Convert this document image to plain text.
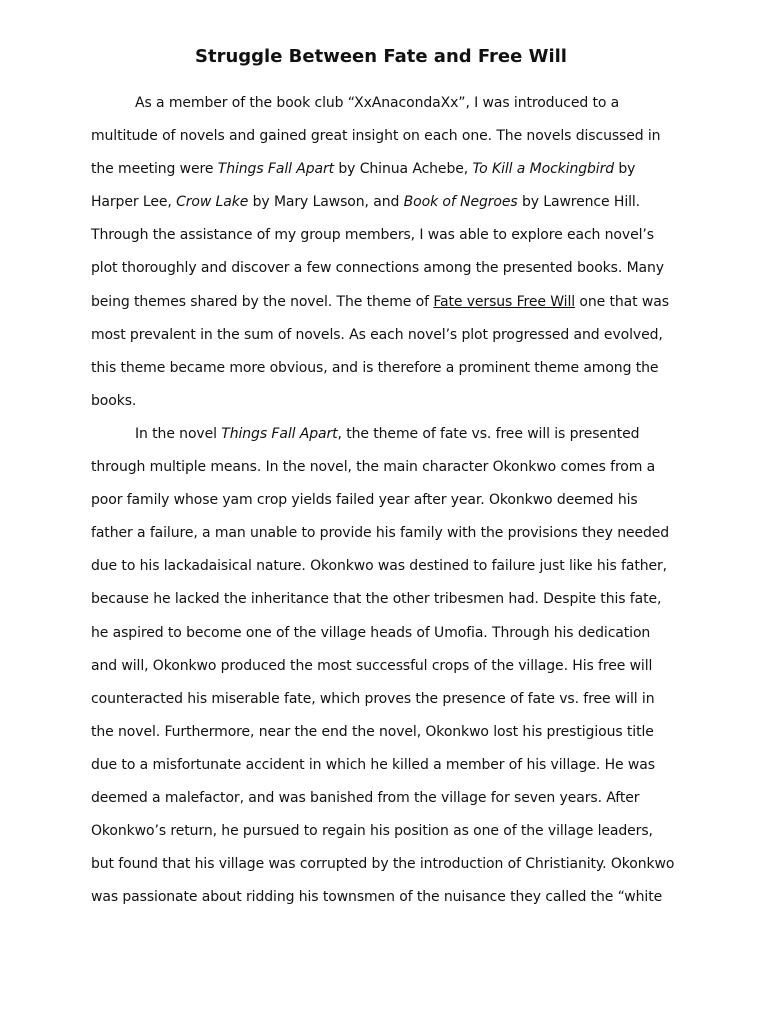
Struggle Between Fate and Free Will
As a member of the book club “XxAnacondaXx”, I was introduced to a
multitude of novels and gained great insight on each one. The novels discussed in
the meeting were Things Fall Apart by Chinua Achebe, To Kill a Mockingbird by
Harper Lee, Crow Lake by Mary Lawson, and Book of Negroes by Lawrence Hill.
Through the assistance of my group members, I was able to explore each novel’s
plot thoroughly and discover a few connections among the presented books. Many
being themes shared by the novel. The theme of Fate versus Free Will one that was
most prevalent in the sum of novels. As each novel’s plot progressed and evolved,
this theme became more obvious, and is therefore a prominent theme among the
books.
In the novel Things Fall Apart, the theme of fate vs. free will is presented
through multiple means. In the novel, the main character Okonkwo comes from a
poor family whose yam crop yields failed year after year. Okonkwo deemed his
father a failure, a man unable to provide his family with the provisions they needed
due to his lackadaisical nature. Okonkwo was destined to failure just like his father,
because he lacked the inheritance that the other tribesmen had. Despite this fate,
he aspired to become one of the village heads of Umofia. Through his dedication
and will, Okonkwo produced the most successful crops of the village. His free will
counteracted his miserable fate, which proves the presence of fate vs. free will in
the novel. Furthermore, near the end the novel, Okonkwo lost his prestigious title
due to a misfortunate accident in which he killed a member of his village. He was
deemed a malefactor, and was banished from the village for seven years. After
Okonkwo’s return, he pursued to regain his position as one of the village leaders,
but found that his village was corrupted by the introduction of Christianity. Okonkwo
was passionate about ridding his townsmen of the nuisance they called the “white
